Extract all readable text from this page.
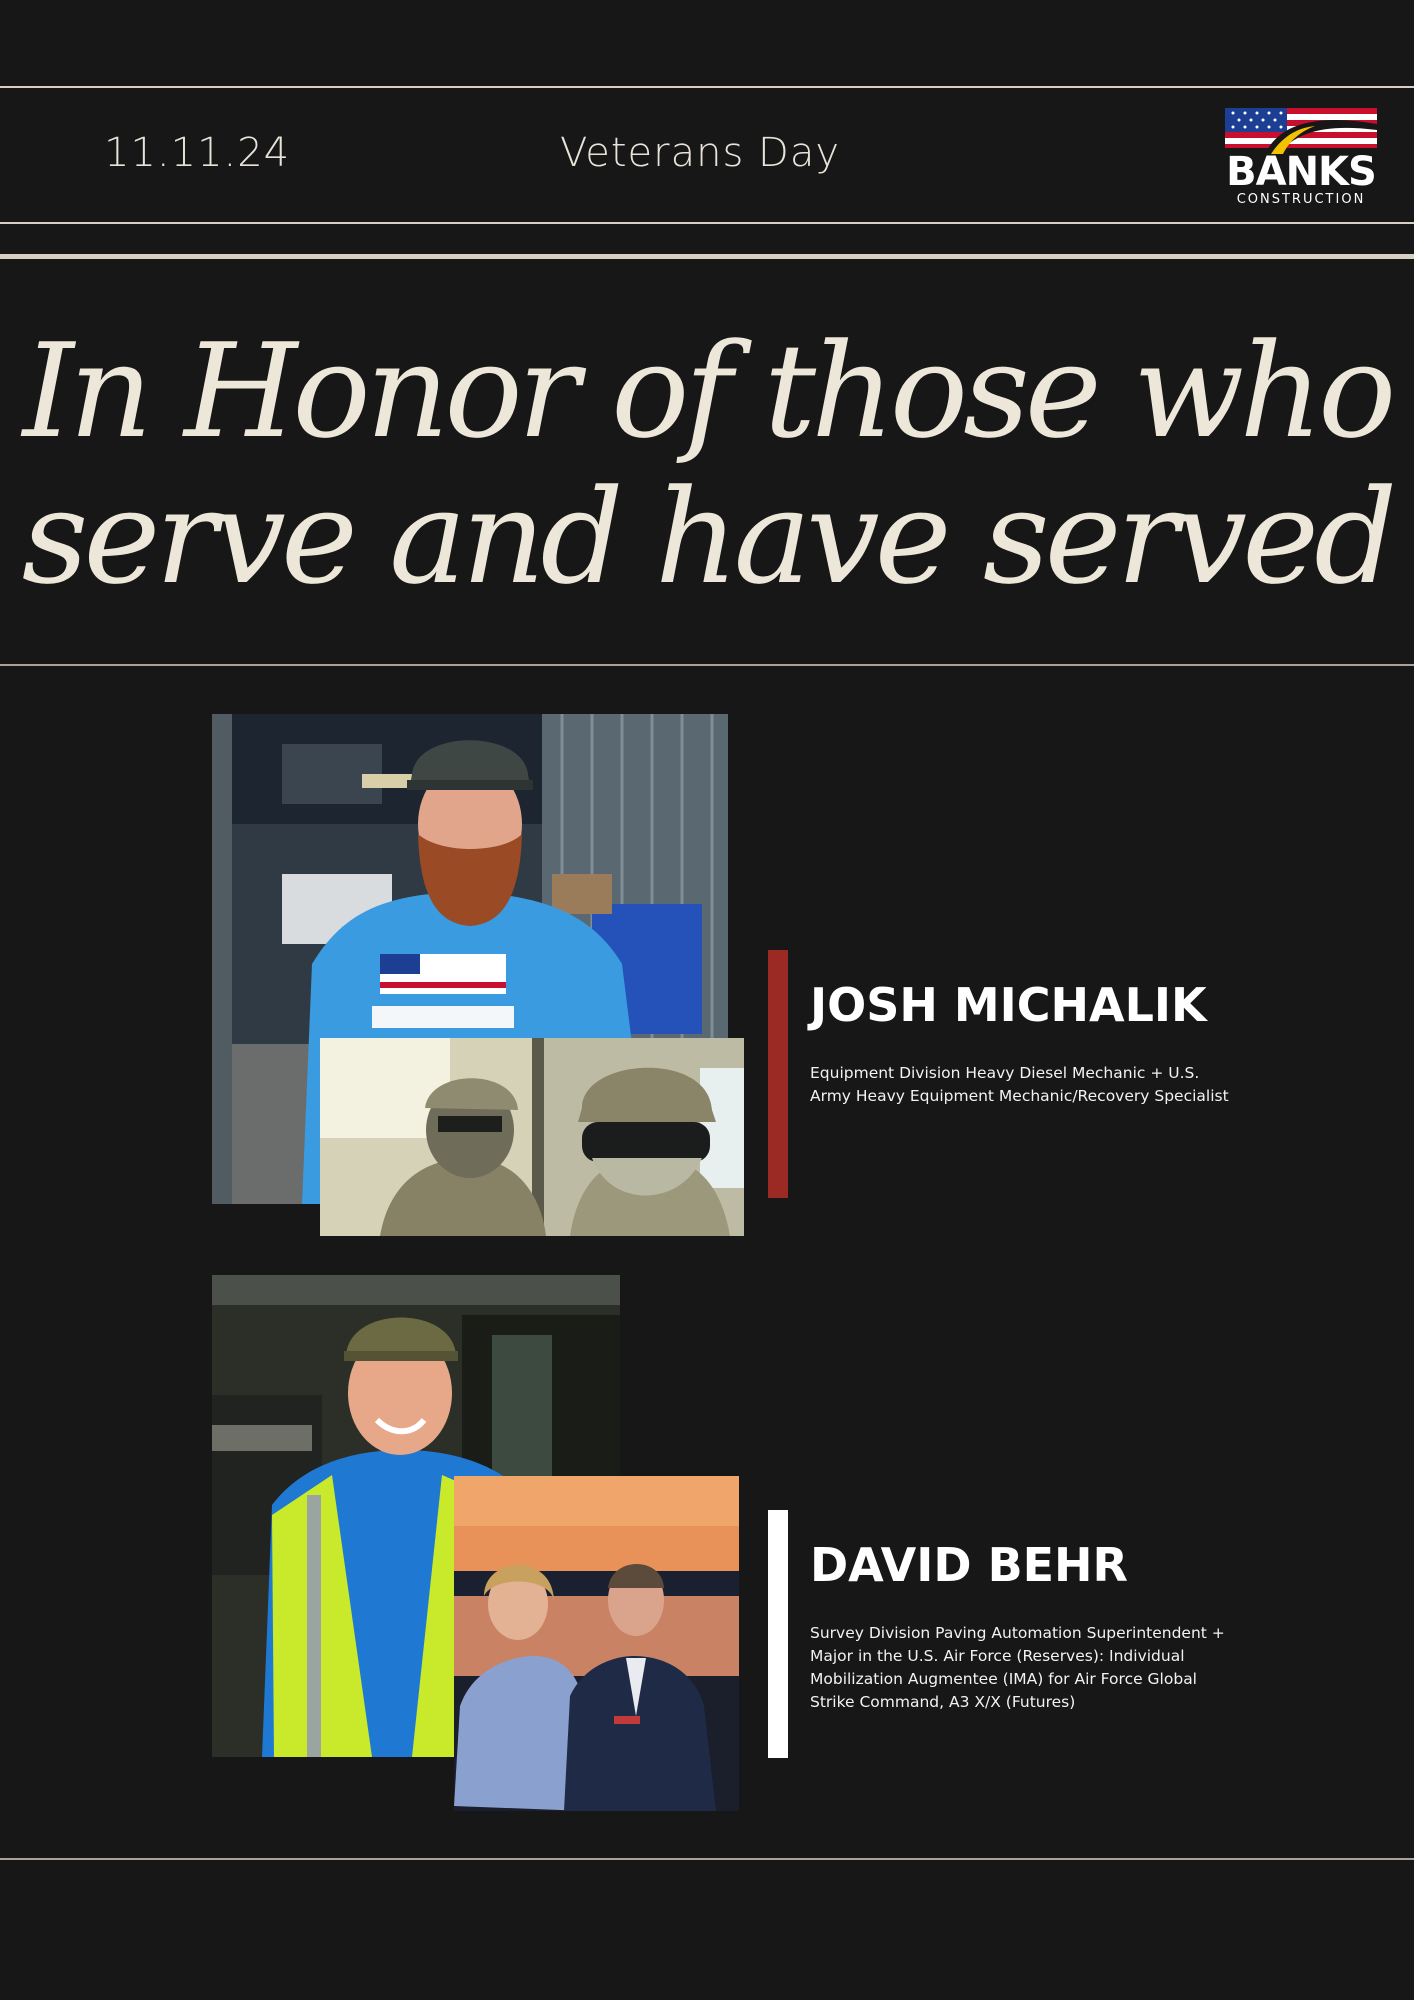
11.11.24	Veterans Day	BANKS
CONSTRUCTION
In Honor of those who
serve and have served
JOSH MICHALIK

Equipment Division Heavy Diesel Mechanic + U.S. Army Heavy Equipment Mechanic/Recovery Specialist

DAVID BEHR

Survey Division Paving Automation Superintendent + Major in the U.S. Air Force (Reserves): Individual Mobilization Augmentee (IMA) for Air Force Global Strike Command, A3 X/X (Futures)
